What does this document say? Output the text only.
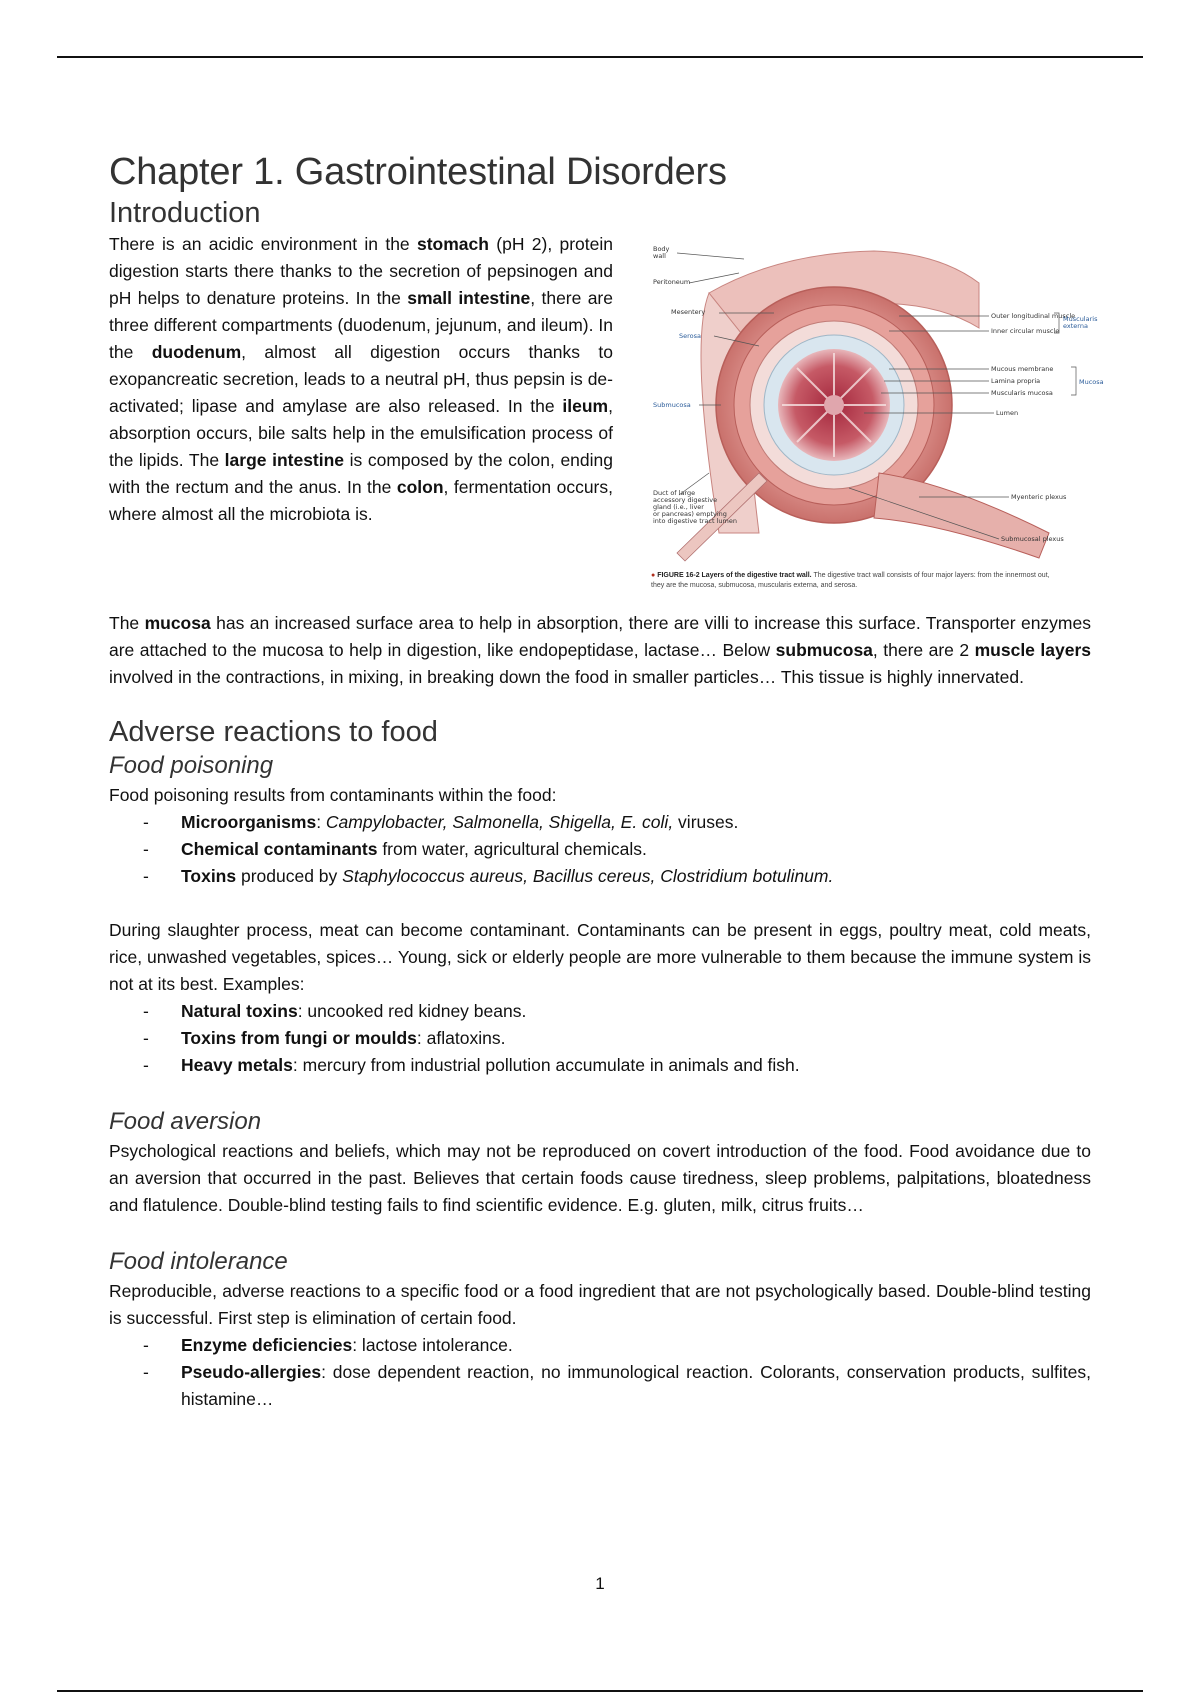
Chapter 1. Gastrointestinal Disorders
Introduction

There is an acidic environment in the stomach (pH 2), protein digestion starts there thanks to the secretion of pepsinogen and pH helps to denature proteins. In the small intestine, there are three different compartments (duodenum, jejunum, and ileum). In the duodenum, almost all digestion occurs thanks to exopancreatic secretion, leads to a neutral pH, thus pepsin is de-activated; lipase and amylase are also released. In the ileum, absorption occurs, bile salts help in the emulsification process of the lipids. The large intestine is composed by the colon, ending with the rectum and the anus. In the colon, fermentation occurs, where almost all the microbiota is.

Body
wall
Peritoneum
Mesentery
Serosa
Submucosa
Duct of large
accessory digestive
gland (i.e., liver
or pancreas) emptying
into digestive tract lumen
Outer longitudinal muscle
Inner circular muscle
Muscularis
externa
Mucous membrane
Lamina propria
Muscularis mucosa
Mucosa
Lumen
Myenteric plexus
Submucosal plexus
● FIGURE 16-2 Layers of the digestive tract wall. The digestive tract wall consists of four major layers: from the innermost out, they are the mucosa, submucosa, muscularis externa, and serosa.

The mucosa has an increased surface area to help in absorption, there are villi to increase this surface. Transporter enzymes are attached to the mucosa to help in digestion, like endopeptidase, lactase… Below submucosa, there are 2 muscle layers involved in the contractions, in mixing, in breaking down the food in smaller particles… This tissue is highly innervated.

Adverse reactions to food
Food poisoning

Food poisoning results from contaminants within the food:

- Microorganisms: Campylobacter, Salmonella, Shigella, E. coli, viruses.
- Chemical contaminants from water, agricultural chemicals.
- Toxins produced by Staphylococcus aureus, Bacillus cereus, Clostridium botulinum.

During slaughter process, meat can become contaminant. Contaminants can be present in eggs, poultry meat, cold meats, rice, unwashed vegetables, spices… Young, sick or elderly people are more vulnerable to them because the immune system is not at its best. Examples:

- Natural toxins: uncooked red kidney beans.
- Toxins from fungi or moulds: aflatoxins.
- Heavy metals: mercury from industrial pollution accumulate in animals and fish.
Food aversion

Psychological reactions and beliefs, which may not be reproduced on covert introduction of the food. Food avoidance due to an aversion that occurred in the past. Believes that certain foods cause tiredness, sleep problems, palpitations, bloatedness and flatulence. Double-blind testing fails to find scientific evidence. E.g. gluten, milk, citrus fruits…

Food intolerance

Reproducible, adverse reactions to a specific food or a food ingredient that are not psychologically based. Double-blind testing is successful. First step is elimination of certain food.

- Enzyme deficiencies: lactose intolerance.
- Pseudo-allergies: dose dependent reaction, no immunological reaction. Colorants, conservation products, sulfites, histamine…
1
